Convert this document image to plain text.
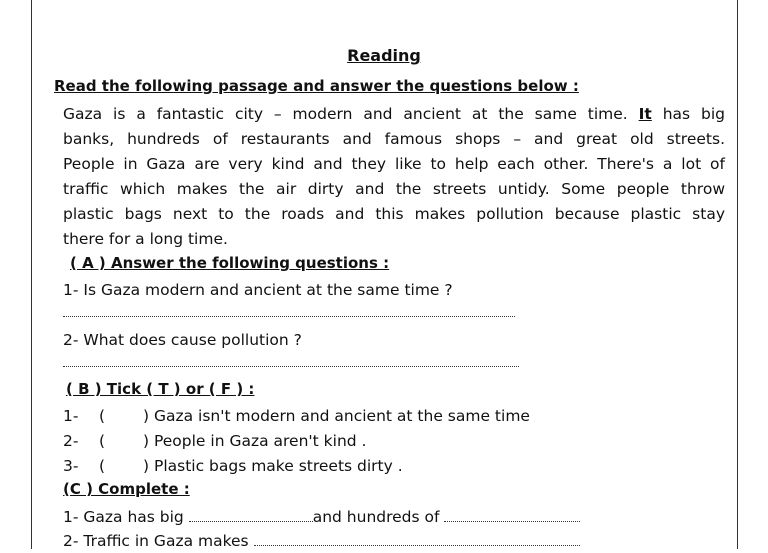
Reading
Read the following passage and answer the questions below :
Gaza is a fantastic city – modern and ancient at the same time. It has big
banks, hundreds of restaurants and famous shops – and great old streets.
People in Gaza are very kind and they like to help each other. There's a lot of
traffic which makes the air dirty and the streets untidy. Some people throw
plastic bags next to the roads and this makes pollution because plastic stay
there for a long time.
( A ) Answer the following questions :
1- Is Gaza modern and ancient at the same time ?
2- What does cause pollution ?
( B ) Tick ( T ) or ( F ) :
1- ( ) Gaza isn't modern and ancient at the same time
2- ( ) People in Gaza aren't kind .
3- ( ) Plastic bags make streets dirty .
(C ) Complete :
1- Gaza has big	and hundreds of
2- Traffic in Gaza makes
